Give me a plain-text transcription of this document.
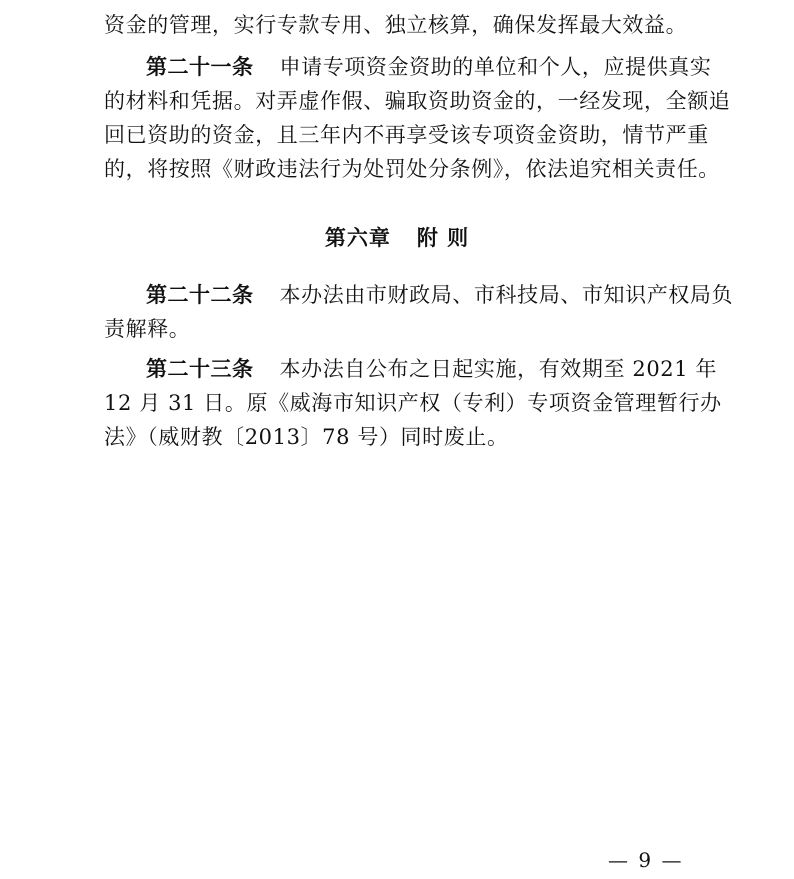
资金的管理，实行专款专用、独立核算，确保发挥最大效益。
第二十一条 申请专项资金资助的单位和个人，应提供真实
的材料和凭据。对弄虚作假、骗取资助资金的，一经发现，全额追
回已资助的资金，且三年内不再享受该专项资金资助，情节严重
的，将按照《财政违法行为处罚处分条例》，依法追究相关责任。
第六章 附 则
第二十二条 本办法由市财政局、市科技局、市知识产权局负
责解释。
第二十三条 本办法自公布之日起实施，有效期至 2021 年
12 月 31 日。原《威海市知识产权（专利）专项资金管理暂行办
法》（威财教〔2013〕78 号）同时废止。
— 9 —
